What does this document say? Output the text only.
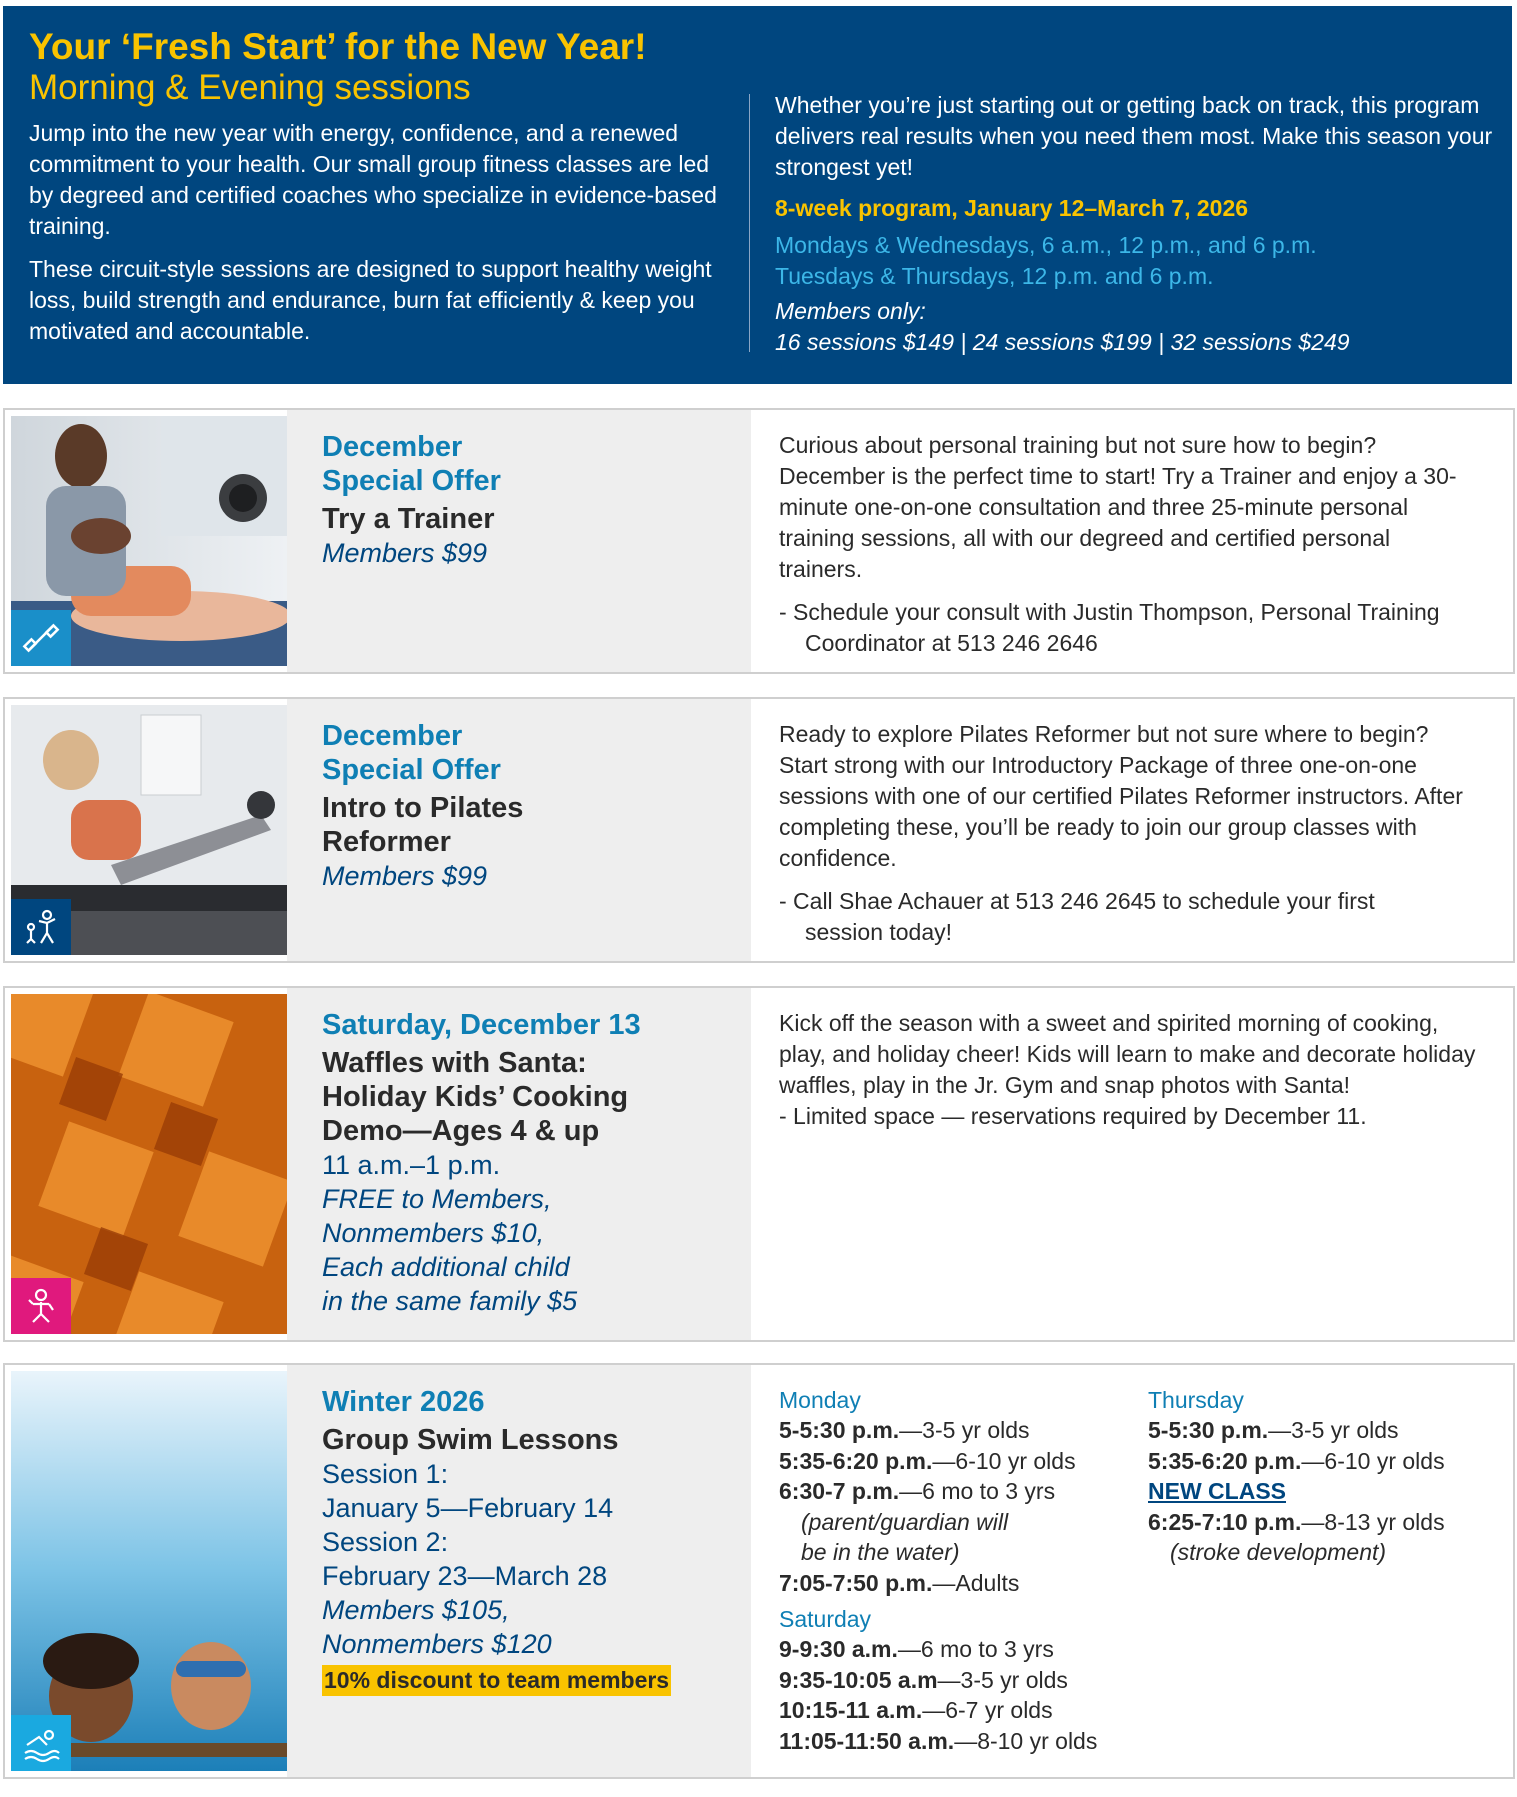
Your ‘Fresh Start’ for the New Year!
Morning & Evening sessions

Jump into the new year with energy, confidence, and a renewed commitment to your health. Our small group fitness classes are led by degreed and certified coaches who specialize in evidence-based training.

These circuit-style sessions are designed to support healthy weight loss, build strength and endurance, burn fat efficiently & keep you motivated and accountable.

Whether you’re just starting out or getting back on track, this program delivers real results when you need them most. Make this season your strongest yet!

8-week program, January 12–March 7, 2026
Mondays & Wednesdays, 6 a.m., 12 p.m., and 6 p.m.
Tuesdays & Thursdays, 12 p.m. and 6 p.m.
Members only:
16 sessions $149 | 24 sessions $199 | 32 sessions $249
December
Special Offer
Try a Trainer
Members $99

Curious about personal training but not sure how to begin? December is the perfect time to start! Try a Trainer and enjoy a 30-minute one-on-one consultation and three 25-minute personal training sessions, all with our degreed and certified personal trainers.

- Schedule your consult with Justin Thompson, Personal Training Coordinator at 513 246 2646

December
Special Offer
Intro to Pilates Reformer
Members $99

Ready to explore Pilates Reformer but not sure where to begin? Start strong with our Introductory Package of three one-on-one sessions with one of our certified Pilates Reformer instructors. After completing these, you’ll be ready to join our group classes with confidence.

- Call Shae Achauer at 513 246 2645 to schedule your first session today!

Saturday, December 13
Waffles with Santa: Holiday Kids’ Cooking Demo—Ages 4 & up
11 a.m.–1 p.m.
FREE to Members,
Nonmembers $10,
Each additional child
in the same family $5

Kick off the season with a sweet and spirited morning of cooking, play, and holiday cheer! Kids will learn to make and decorate holiday waffles, play in the Jr. Gym and snap photos with Santa!

- Limited space — reservations required by December 11.

Winter 2026
Group Swim Lessons
Session 1:
January 5—February 14
Session 2:
February 23—March 28
Members $105,
Nonmembers $120
10% discount to team members
Monday
5-5:30 p.m.—3-5 yr olds
5:35-6:20 p.m.—6-10 yr olds
6:30-7 p.m.—6 mo to 3 yrs
(parent/guardian will
be in the water)
7:05-7:50 p.m.—Adults
Saturday
9-9:30 a.m.—6 mo to 3 yrs
9:35-10:05 a.m—3-5 yr olds
10:15-11 a.m.—6-7 yr olds
11:05-11:50 a.m.—8-10 yr olds
Thursday
5-5:30 p.m.—3-5 yr olds
5:35-6:20 p.m.—6-10 yr olds
NEW CLASS
6:25-7:10 p.m.—8-13 yr olds
(stroke development)
